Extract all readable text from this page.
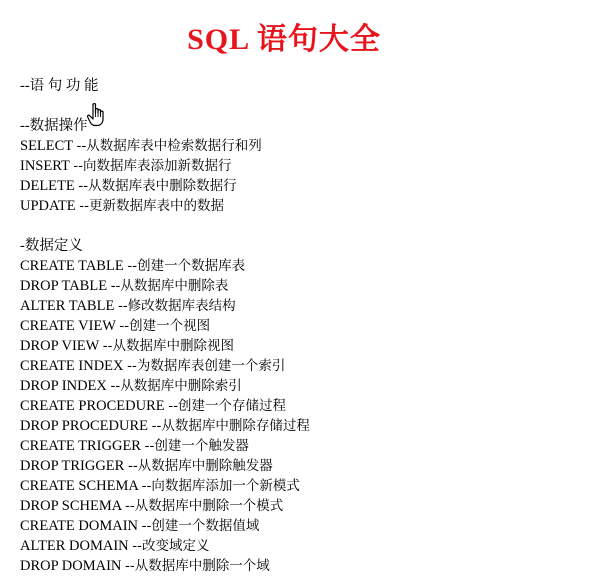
SQL 语句大全
--语 句 功 能
--数据操作
SELECT --从数据库表中检索数据行和列
INSERT --向数据库表添加新数据行
DELETE --从数据库表中删除数据行
UPDATE --更新数据库表中的数据
-数据定义
CREATE TABLE --创建一个数据库表
DROP TABLE --从数据库中删除表
ALTER TABLE --修改数据库表结构
CREATE VIEW --创建一个视图
DROP VIEW --从数据库中删除视图
CREATE INDEX --为数据库表创建一个索引
DROP INDEX --从数据库中删除索引
CREATE PROCEDURE --创建一个存储过程
DROP PROCEDURE --从数据库中删除存储过程
CREATE TRIGGER --创建一个触发器
DROP TRIGGER --从数据库中删除触发器
CREATE SCHEMA --向数据库添加一个新模式
DROP SCHEMA --从数据库中删除一个模式
CREATE DOMAIN --创建一个数据值域
ALTER DOMAIN --改变域定义
DROP DOMAIN --从数据库中删除一个域
